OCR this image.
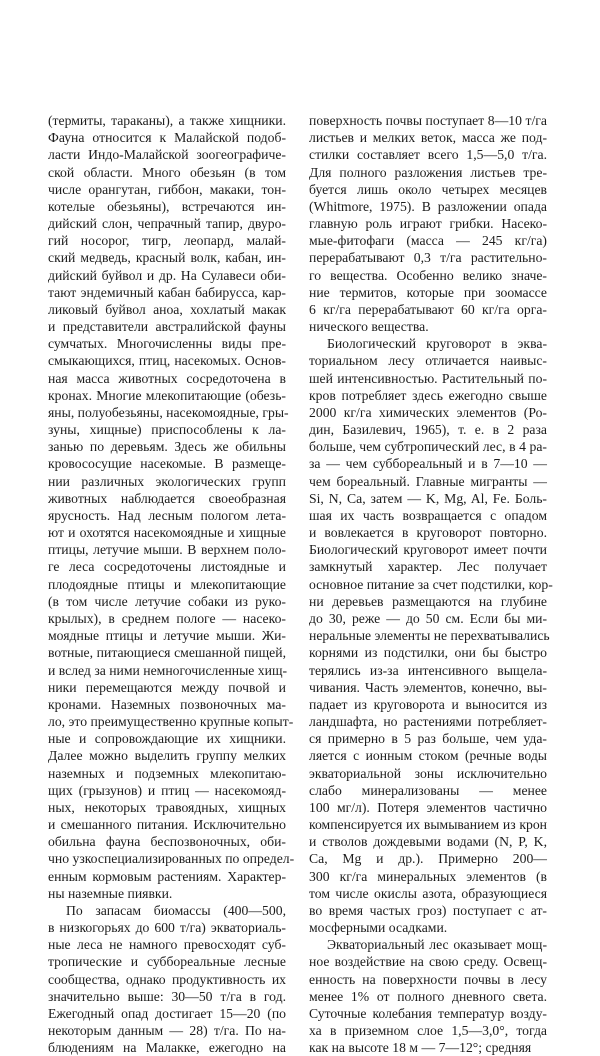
(термиты, тараканы), а также хищники.
Фауна относится к Малайской подоб-
ласти Индо-Малайской зоогеографиче-
ской области. Много обезьян (в том
числе орангутан, гиббон, макаки, тон-
котелые обезьяны), встречаются ин-
дийский слон, чепрачный тапир, двуро-
гий носорог, тигр, леопард, малай-
ский медведь, красный волк, кабан, ин-
дийский буйвол и др. На Сулавеси оби-
тают эндемичный кабан бабирусса, кар-
ликовый буйвол аноа, хохлатый макак
и представители австралийской фауны
сумчатых. Многочисленны виды пре-
смыкающихся, птиц, насекомых. Основ-
ная масса животных сосредоточена в
кронах. Многие млекопитающие (обезь-
яны, полуобезьяны, насекомоядные, гры-
зуны, хищные) приспособлены к ла-
занью по деревьям. Здесь же обильны
кровососущие насекомые. В размеще-
нии различных экологических групп
животных наблюдается своеобразная
ярусность. Над лесным пологом лета-
ют и охотятся насекомоядные и хищные
птицы, летучие мыши. В верхнем поло-
ге леса сосредоточены листоядные и
плодоядные птицы и млекопитающие
(в том числе летучие собаки из руко-
крылых), в среднем пологе — насеко-
моядные птицы и летучие мыши. Жи-
вотные, питающиеся смешанной пищей,
и вслед за ними немногочисленные хищ-
ники перемещаются между почвой и
кронами. Наземных позвоночных ма-
ло, это преимущественно крупные копыт-
ные и сопровождающие их хищники.
Далее можно выделить группу мелких
наземных и подземных млекопитаю-
щих (грызунов) и птиц — насекомояд-
ных, некоторых травоядных, хищных
и смешанного питания. Исключительно
обильна фауна беспозвоночных, оби-
чно узкоспециализированных по определ-
енным кормовым растениям. Характер-
ны наземные пиявки.
По запасам биомассы (400—500,
в низкогорьях до 600 т/га) экваториаль-
ные леса не намного превосходят суб-
тропические и суббореальные лесные
сообщества, однако продуктивность их
значительно выше: 30—50 т/га в год.
Ежегодный опад достигает 15—20 (по
некоторым данным — 28) т/га. По на-
блюдениям на Малакке, ежегодно на
поверхность почвы поступает 8—10 т/га
листьев и мелких веток, масса же под-
стилки составляет всего 1,5—5,0 т/га.
Для полного разложения листьев тре-
буется лишь около четырех месяцев
(Whitmore, 1975). В разложении опада
главную роль играют грибки. Насеко-
мые-фитофаги (масса — 245 кг/га)
перерабатывают 0,3 т/га растительно-
го вещества. Особенно велико значе-
ние термитов, которые при зоомассе
6 кг/га перерабатывают 60 кг/га орга-
нического вещества.
Биологический круговорот в эква-
ториальном лесу отличается наивыс-
шей интенсивностью. Растительный по-
кров потребляет здесь ежегодно свыше
2000 кг/га химических элементов (Ро-
дин, Базилевич, 1965), т. е. в 2 раза
больше, чем субтропический лес, в 4 ра-
за — чем суббореальный и в 7—10 —
чем бореальный. Главные мигранты —
Si, N, Ca, затем — K, Mg, Al, Fe. Боль-
шая их часть возвращается с опадом
и вовлекается в круговорот повторно.
Биологический круговорот имеет почти
замкнутый характер. Лес получает
основное питание за счет подстилки, кор-
ни деревьев размещаются на глубине
до 30, реже — до 50 см. Если бы ми-
неральные элементы не перехватывались
корнями из подстилки, они бы быстро
терялись из-за интенсивного выщела-
чивания. Часть элементов, конечно, вы-
падает из круговорота и выносится из
ландшафта, но растениями потребляет-
ся примерно в 5 раз больше, чем уда-
ляется с ионным стоком (речные воды
экваториальной зоны исключительно
слабо минерализованы — менее
100 мг/л). Потеря элементов частично
компенсируется их вымыванием из крон
и стволов дождевыми водами (N, P, K,
Ca, Mg и др.). Примерно 200—
300 кг/га минеральных элементов (в
том числе окислы азота, образующиеся
во время частых гроз) поступает с ат-
мосферными осадками.
Экваториальный лес оказывает мощ-
ное воздействие на свою среду. Освещ-
енность на поверхности почвы в лесу
менее 1% от полного дневного света.
Суточные колебания температур возду-
ха в приземном слое 1,5—3,0°, тогда
как на высоте 18 м — 7—12°; средняя
